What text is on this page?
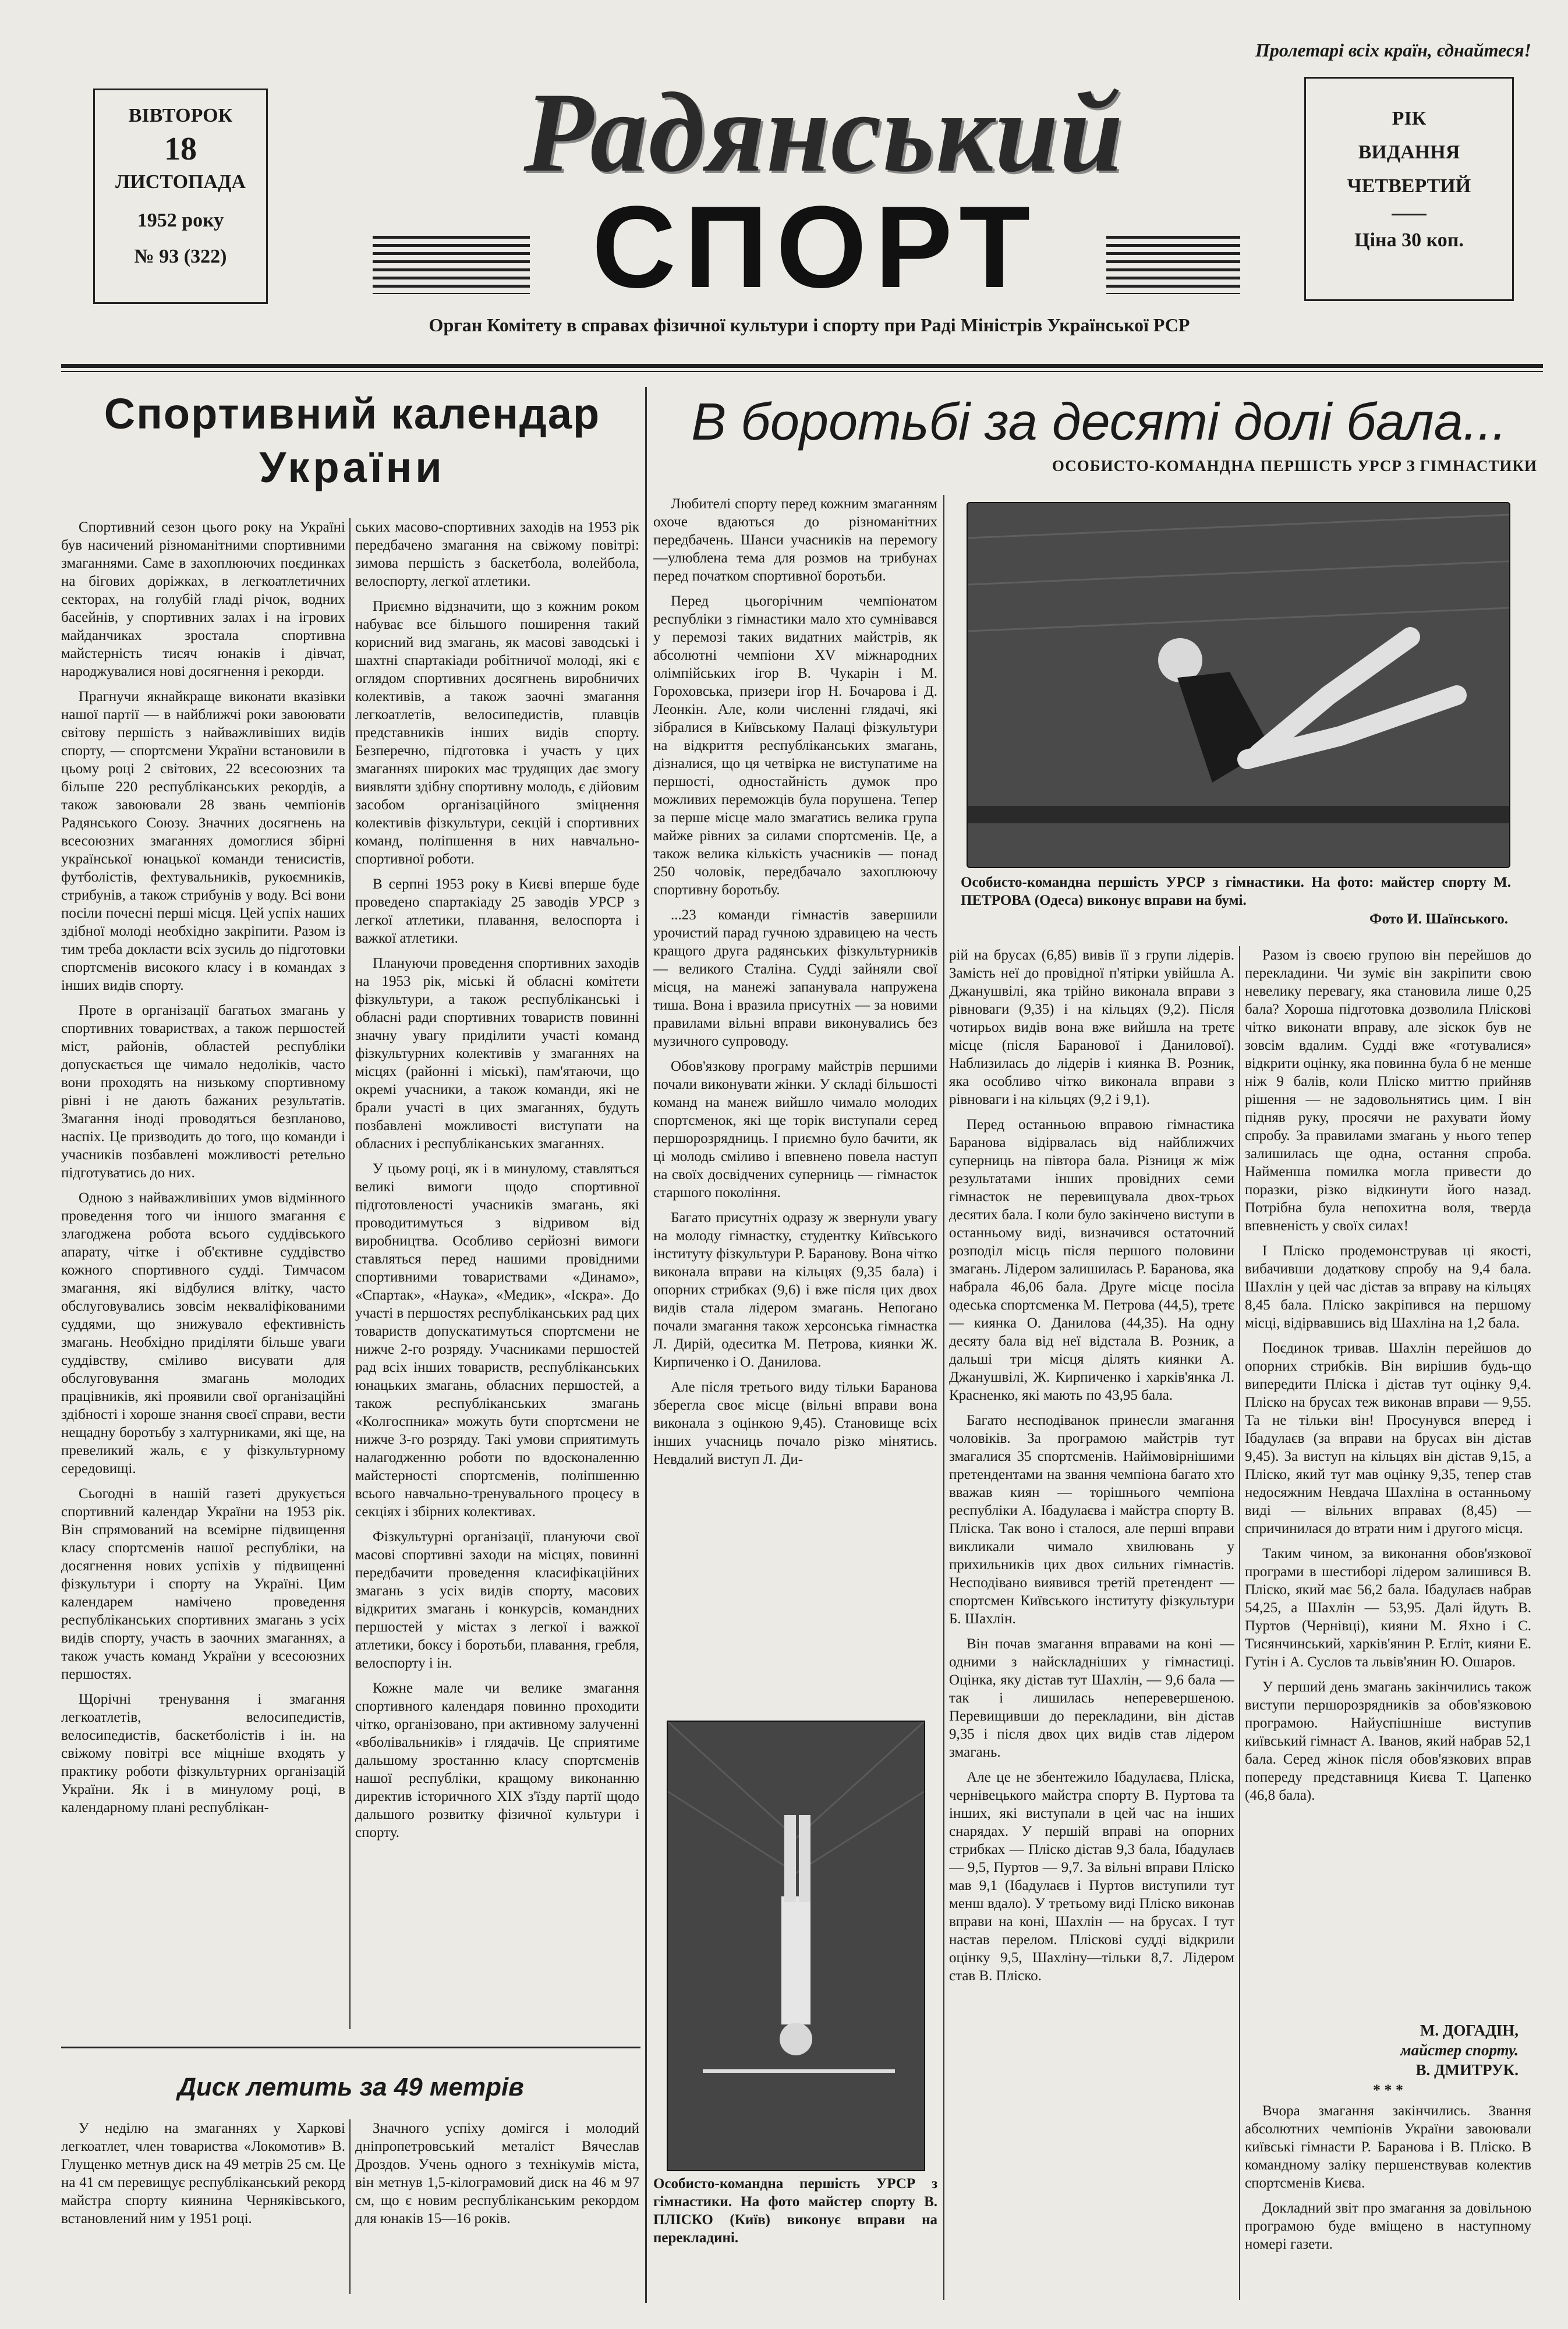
Пролетарі всіх країн, єднайтеся!
ВІВТОРОК
18
ЛИСТОПАДА
1952 року
№ 93 (322)
РІК
ВИДАННЯ
ЧЕТВЕРТИЙ
Ціна 30 коп.
Радянський
СПОРТ
Орган Комітету в справах фізичної культури і спорту при Раді Міністрів Української РСР
Спортивний календар
України

Спортивний сезон цього року на Україні був насичений різноманітними спортивними змаганнями. Саме в захоплюючих поєдинках на бігових доріжках, в легкоатлетичних секторах, на голубій гладі річок, водних басейнів, у спортивних залах і на ігрових майданчиках зростала спортивна майстерність тисяч юнаків і дівчат, народжувалися нові досягнення і рекорди.

Прагнучи якнайкраще виконати вказівки нашої партії — в найближчі роки завоювати світову першість з найважливіших видів спорту, — спортсмени України встановили в цьому році 2 світових, 22 всесоюзних та більше 220 республіканських рекордів, а також завоювали 28 звань чемпіонів Радянського Союзу. Значних досягнень на всесоюзних змаганнях домоглися збірні української юнацької команди тенисистів, футболістів, фехтувальників, рукоємників, стрибунів, а також стрибунів у воду. Всі вони посіли почесні перші місця. Цей успіх наших здібної молоді необхідно закріпити. Разом із тим треба докласти всіх зусиль до підготовки спортсменів високого класу і в командах з інших видів спорту.

Проте в організації багатьох змагань у спортивних товариствах, а також першостей міст, районів, областей республіки допускається ще чимало недоліків, часто вони проходять на низькому спортивному рівні і не дають бажаних результатів. Змагання іноді проводяться безпланово, наспіх. Це призводить до того, що команди і учасників позбавлені можливості ретельно підготуватись до них.

Одною з найважливіших умов відмінного проведення того чи іншого змагання є злагоджена робота всього суддівського апарату, чітке і об'єктивне суддівство кожного спортивного судді. Тимчасом змагання, які відбулися влітку, часто обслуговувались зовсім некваліфікованими суддями, що знижувало ефективність змагань. Необхідно приділяти більше уваги суддівству, сміливо висувати для обслуговування змагань молодих працівників, які проявили свої організаційні здібності і хороше знання своєї справи, вести нещадну боротьбу з халтурниками, які ще, на превеликий жаль, є у фізкультурному середовищі.

Сьогодні в нашій газеті друкується спортивний календар України на 1953 рік. Він спрямований на всемірне підвищення класу спортсменів нашої республіки, на досягнення нових успіхів у підвищенні фізкультури і спорту на Україні. Цим календарем намічено проведення республіканських спортивних змагань з усіх видів спорту, участь в заочних змаганнях, а також участь команд України у всесоюзних першостях.

Щорічні тренування і змагання легкоатлетів, велосипедистів, велосипедистів, баскетболістів і ін. на свіжому повітрі все міцніше входять у практику роботи фізкультурних організацій України. Як і в минулому році, в календарному плані республікан-

ських масово-спортивних заходів на 1953 рік передбачено змагання на свіжому повітрі: зимова першість з баскетбола, волейбола, велоспорту, легкої атлетики.

Приємно відзначити, що з кожним роком набуває все більшого поширення такий корисний вид змагань, як масові заводські і шахтні спартакіади робітничої молоді, які є оглядом спортивних досягнень виробничих колективів, а також заочні змагання легкоатлетів, велосипедистів, плавців представників інших видів спорту. Безперечно, підготовка і участь у цих змаганнях широких мас трудящих дає змогу виявляти здібну спортивну молодь, є дійовим засобом організаційного зміцнення колективів фізкультури, секцій і спортивних команд, поліпшення в них навчально-спортивної роботи.

В серпні 1953 року в Києві вперше буде проведено спартакіаду 25 заводів УРСР з легкої атлетики, плавання, велоспорта і важкої атлетики.

Плануючи проведення спортивних заходів на 1953 рік, міські й обласні комітети фізкультури, а також республіканські і обласні ради спортивних товариств повинні значну увагу приділити участі команд фізкультурних колективів у змаганнях на місцях (районні і міські), пам'ятаючи, що окремі учасники, а також команди, які не брали участі в цих змаганнях, будуть позбавлені можливості виступати на обласних і республіканських змаганнях.

У цьому році, як і в минулому, ставляться великі вимоги щодо спортивної підготовленості учасників змагань, які проводитимуться з відривом від виробництва. Особливо серйозні вимоги ставляться перед нашими провідними спортивними товариствами «Динамо», «Спартак», «Наука», «Медик», «Іскра». До участі в першостях республіканських рад цих товариств допускатимуться спортсмени не нижче 2-го розряду. Учасниками першостей рад всіх інших товариств, республіканських юнацьких змагань, обласних першостей, а також республіканських змагань «Колгоспника» можуть бути спортсмени не нижче 3-го розряду. Такі умови сприятимуть налагодженню роботи по вдосконаленню майстерності спортсменів, поліпшенню всього навчально-тренувального процесу в секціях і збірних колективах.

Фізкультурні організації, плануючи свої масові спортивні заходи на місцях, повинні передбачити проведення класифікаційних змагань з усіх видів спорту, масових відкритих змагань і конкурсів, командних першостей у містах з легкої і важкої атлетики, боксу і боротьби, плавання, гребля, велоспорту і ін.

Кожне мале чи велике змагання спортивного календаря повинно проходити чітко, організовано, при активному залученні «вболівальників» і глядачів. Це сприятиме дальшому зростанню класу спортсменів нашої республіки, кращому виконанню директив історичного XIX з'їзду партії щодо дальшого розвитку фізичної культури і спорту.

Диск летить за 49 метрів

У неділю на змаганнях у Харкові легкоатлет, член товариства «Локомотив» В. Глущенко метнув диск на 49 метрів 25 см. Це на 41 см перевищує республіканський рекорд майстра спорту киянина Черняківського, встановлений ним у 1951 році.

Значного успіху домігся і молодий дніпропетровський металіст Вячеслав Дроздов. Учень одного з технікумів міста, він метнув 1,5-кілограмовий диск на 46 м 97 см, що є новим республіканським рекордом для юнаків 15—16 років.

В боротьбі за десяті долі бала...
ОСОБИСТО-КОМАНДНА ПЕРШІСТЬ УРСР З ГІМНАСТИКИ

Любителі спорту перед кожним змаганням охоче вдаються до різноманітних передбачень. Шанси учасників на перемогу—улюблена тема для розмов на трибунах перед початком спортивної боротьби.

Перед цьогорічним чемпіонатом республіки з гімнастики мало хто сумнівався у перемозі таких видатних майстрів, як абсолютні чемпіони XV міжнародних олімпійських ігор В. Чукарін і М. Гороховська, призери ігор Н. Бочарова і Д. Леонкін. Але, коли численні глядачі, які зібралися в Київському Палаці фізкультури на відкриття республіканських змагань, дізналися, що ця четвірка не виступатиме на першості, одностайність думок про можливих переможців була порушена. Тепер за перше місце мало змагатись велика група майже рівних за силами спортсменів. Це, а також велика кількість учасників — понад 250 чоловік, передбачало захоплюючу спортивну боротьбу.

...23 команди гімнастів завершили урочистий парад гучною здравицею на честь кращого друга радянських фізкультурників — великого Сталіна. Судді зайняли свої місця, на манежі запанувала напружена тиша. Вона і вразила присутніх — за новими правилами вільні вправи виконувались без музичного супроводу.

Обов'язкову програму майстрів першими почали виконувати жінки. У складі більшості команд на манеж вийшло чимало молодих спортсменок, які ще торік виступали серед першорозрядниць. І приємно було бачити, як ці молодь сміливо і впевнено повела наступ на своїх досвідчених суперниць — гімнасток старшого покоління.

Багато присутніх одразу ж звернули увагу на молоду гімнастку, студентку Київського інституту фізкультури Р. Баранову. Вона чітко виконала вправи на кільцях (9,35 бала) і опорних стрибках (9,6) і вже після цих двох видів стала лідером змагань. Непогано почали змагання також херсонська гімнастка Л. Дирій, одеситка М. Петрова, киянки Ж. Кирпиченко і О. Данилова.

Але після третього виду тільки Баранова зберегла своє місце (вільні вправи вона виконала з оцінкою 9,45). Становище всіх інших учасниць почало різко мінятись. Невдалий виступ Л. Ди-

Особисто-командна першість УРСР з гімнастики. На фото майстер спорту В. ПЛІСКО (Київ) виконує вправи на перекладині.
Особисто-командна першість УРСР з гімнастики. На фото: майстер спорту М. ПЕТРОВА (Одеса) виконує вправи на бумі.
Фото И. Шаїнського.

рій на брусах (6,85) вивів її з групи лідерів. Замість неї до провідної п'ятірки увійшла А. Джанушвілі, яка трійно виконала вправи з рівноваги (9,35) і на кільцях (9,2). Після чотирьох видів вона вже вийшла на третє місце (після Баранової і Данилової). Наблизилась до лідерів і киянка В. Розник, яка особливо чітко виконала вправи з рівноваги і на кільцях (9,2 і 9,1).

Перед останньою вправою гімнастика Баранова відірвалась від найближчих суперниць на півтора бала. Різниця ж між результатами інших провідних семи гімнасток не перевищувала двох-трьох десятих бала. І коли було закінчено виступи в останньому виді, визначився остаточний розподіл місць після першого половини змагань. Лідером залишилась Р. Баранова, яка набрала 46,06 бала. Друге місце посіла одеська спортсменка М. Петрова (44,5), третє — киянка О. Данилова (44,35). На одну десяту бала від неї відстала В. Розник, а дальші три місця ділять киянки А. Джанушвілі, Ж. Кирпиченко і харків'янка Л. Красненко, які мають по 43,95 бала.

Багато несподіванок принесли змагання чоловіків. За програмою майстрів тут змагалися 35 спортсменів. Найімовірнішими претендентами на звання чемпіона багато хто вважав киян — торішнього чемпіона республіки А. Ібадулаєва і майстра спорту В. Пліска. Так воно і сталося, але перші вправи викликали чимало хвилювань у прихильників цих двох сильних гімнастів. Несподівано виявився третій претендент — спортсмен Київського інституту фізкультури Б. Шахлін.

Він почав змагання вправами на коні — одними з найскладніших у гімнастиці. Оцінка, яку дістав тут Шахлін, — 9,6 бала — так і лишилась неперевершеною. Перевищивши до перекладини, він дістав 9,35 і після двох цих видів став лідером змагань.

Але це не збентежило Ібадулаєва, Пліска, чернівецького майстра спорту В. Пуртова та інших, які виступали в цей час на інших снарядах. У першій вправі на опорних стрибках — Пліско дістав 9,3 бала, Ібадулаєв — 9,5, Пуртов — 9,7. За вільні вправи Пліско мав 9,1 (Ібадулаєв і Пуртов виступили тут менш вдало). У третьому виді Пліско виконав вправи на коні, Шахлін — на брусах. І тут настав перелом. Пліскові судді відкрили оцінку 9,5, Шахліну—тільки 8,7. Лідером став В. Пліско.

Разом із своєю групою він перейшов до перекладини. Чи зуміє він закріпити свою невелику перевагу, яка становила лише 0,25 бала? Хорошa підготовка дозволила Плісковi чітко виконати вправу, але зіскок був не зовсім вдалим. Судді вже «готувалися» відкрити оцінку, яка повинна була б не менше ніж 9 балів, коли Пліско миттю прийняв рішення — не задовольнятись цим. І він підняв руку, просячи не рахувати йому спробу. За правилами змагань у нього тепер залишилась ще одна, остання спроба. Найменша помилка могла привести до поразки, різко відкинути його назад. Потрібна була непохитна воля, тверда впевненість у своїх силах!

І Пліско продемонстрував ці якості, вибачивши додаткову спробу на 9,4 бала. Шахлін у цей час дістав за вправу на кільцях 8,45 бала. Пліско закріпився на першому місці, відірвавшись від Шахліна на 1,2 бала.

Поєдинок тривав. Шахлін перейшов до опорних стрибків. Він вирішив будь-що випередити Пліска і дістав тут оцінку 9,4. Пліско на брусах теж виконав вправи — 9,55. Та не тільки він! Просунувся вперед і Ібадулаєв (за вправи на брусах він дістав 9,45). За виступ на кільцях він дістав 9,15, а Пліско, який тут мав оцінку 9,35, тепер став недосяжним Невдача Шахліна в останньому виді — вільних вправах (8,45) — спричинилася до втрати ним і другого місця.

Таким чином, за виконання обов'язкової програми в шестиборі лідером залишився В. Пліско, який має 56,2 бала. Ібадулаєв набрав 54,25, а Шахлін — 53,95. Далі йдуть В. Пуртов (Чернівці), кияни М. Яхно і С. Тисянчинський, харків'янин Р. Егліт, кияни Е. Гутін і А. Суслов та львів'янин Ю. Ошаров.

У перший день змагань закінчились також виступи першорозрядників за обов'язковою програмою. Найуспішніше виступив київський гімнаст А. Іванов, який набрав 52,1 бала. Серед жінок після обов'язкових вправ попереду представниця Києва Т. Цапенко (46,8 бала).

М. ДОГАДІН,
майстер спорту.
В. ДМИТРУК.
* * *

Вчора змагання закінчились. Звання абсолютних чемпіонів України завоювали київські гімнасти Р. Баранова і В. Пліско. В командному заліку першенствував колектив спортсменів Києва.

Докладний звіт про змагання за довільною програмою буде вміщено в наступному номері газети.
